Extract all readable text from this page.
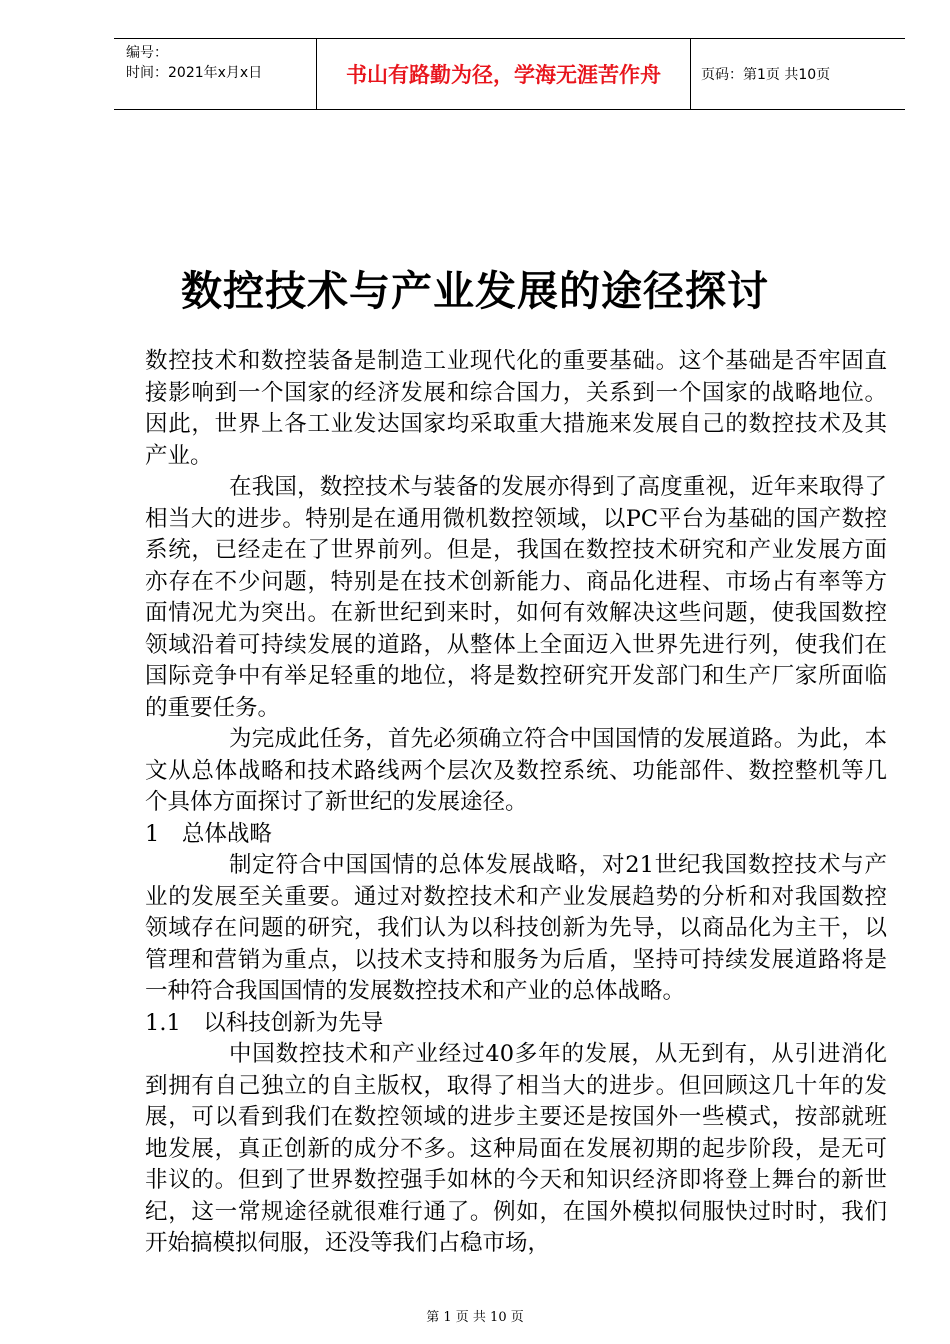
编号：
时间：2021年x月x日	书山有路勤为径，学海无涯苦作舟	页码：第1页 共10页
数控技术与产业发展的途径探讨

数控技术和数控装备是制造工业现代化的重要基础。这个基础是否牢固直接影响到一个国家的经济发展和综合国力，关系到一个国家的战略地位。因此，世界上各工业发达国家均采取重大措施来发展自己的数控技术及其产业。

在我国，数控技术与装备的发展亦得到了高度重视，近年来取得了相当大的进步。特别是在通用微机数控领域，以PC平台为基础的国产数控系统，已经走在了世界前列。但是，我国在数控技术研究和产业发展方面亦存在不少问题，特别是在技术创新能力、商品化进程、市场占有率等方面情况尤为突出。在新世纪到来时，如何有效解决这些问题，使我国数控领域沿着可持续发展的道路，从整体上全面迈入世界先进行列，使我们在国际竞争中有举足轻重的地位，将是数控研究开发部门和生产厂家所面临的重要任务。

为完成此任务，首先必须确立符合中国国情的发展道路。为此，本文从总体战略和技术路线两个层次及数控系统、功能部件、数控整机等几个具体方面探讨了新世纪的发展途径。

1　总体战略

制定符合中国国情的总体发展战略，对21世纪我国数控技术与产业的发展至关重要。通过对数控技术和产业发展趋势的分析和对我国数控领域存在问题的研究，我们认为以科技创新为先导，以商品化为主干，以管理和营销为重点，以技术支持和服务为后盾，坚持可持续发展道路将是一种符合我国国情的发展数控技术和产业的总体战略。

1.1　以科技创新为先导

中国数控技术和产业经过40多年的发展，从无到有，从引进消化到拥有自己独立的自主版权，取得了相当大的进步。但回顾这几十年的发展，可以看到我们在数控领域的进步主要还是按国外一些模式，按部就班地发展，真正创新的成分不多。这种局面在发展初期的起步阶段，是无可非议的。但到了世界数控强手如林的今天和知识经济即将登上舞台的新世纪，这一常规途径就很难行通了。例如，在国外模拟伺服快过时时，我们开始搞模拟伺服，还没等我们占稳市场，

第 1 页 共 10 页
